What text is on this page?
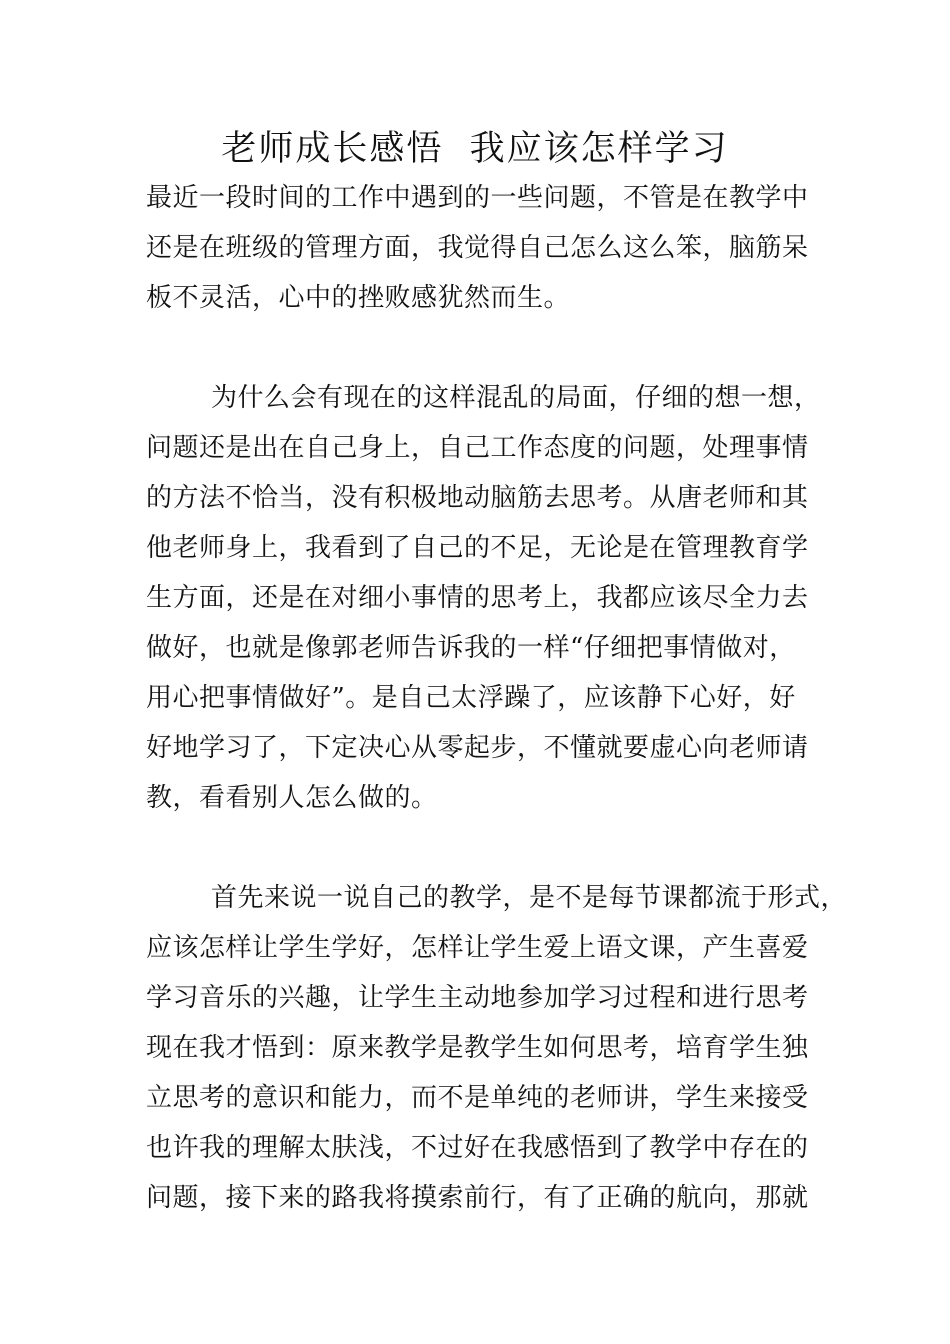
老师成长感悟  我应该怎样学习
最近一段时间的工作中遇到的一些问题，不管是在教学中
还是在班级的管理方面，我觉得自己怎么这么笨，脑筋呆
板不灵活，心中的挫败感犹然而生。
为什么会有现在的这样混乱的局面，仔细的想一想，
问题还是出在自己身上，自己工作态度的问题，处理事情
的方法不恰当，没有积极地动脑筋去思考。从唐老师和其
他老师身上，我看到了自己的不足，无论是在管理教育学
生方面，还是在对细小事情的思考上，我都应该尽全力去
做好，也就是像郭老师告诉我的一样“仔细把事情做对，
用心把事情做好”。是自己太浮躁了，应该静下心好，好
好地学习了，下定决心从零起步，不懂就要虚心向老师请
教，看看别人怎么做的。
首先来说一说自己的教学，是不是每节课都流于形式，
应该怎样让学生学好，怎样让学生爱上语文课，产生喜爱
学习音乐的兴趣，让学生主动地参加学习过程和进行思考
现在我才悟到：原来教学是教学生如何思考，培育学生独
立思考的意识和能力，而不是单纯的老师讲，学生来接受
也许我的理解太肤浅，不过好在我感悟到了教学中存在的
问题，接下来的路我将摸索前行，有了正确的航向，那就
